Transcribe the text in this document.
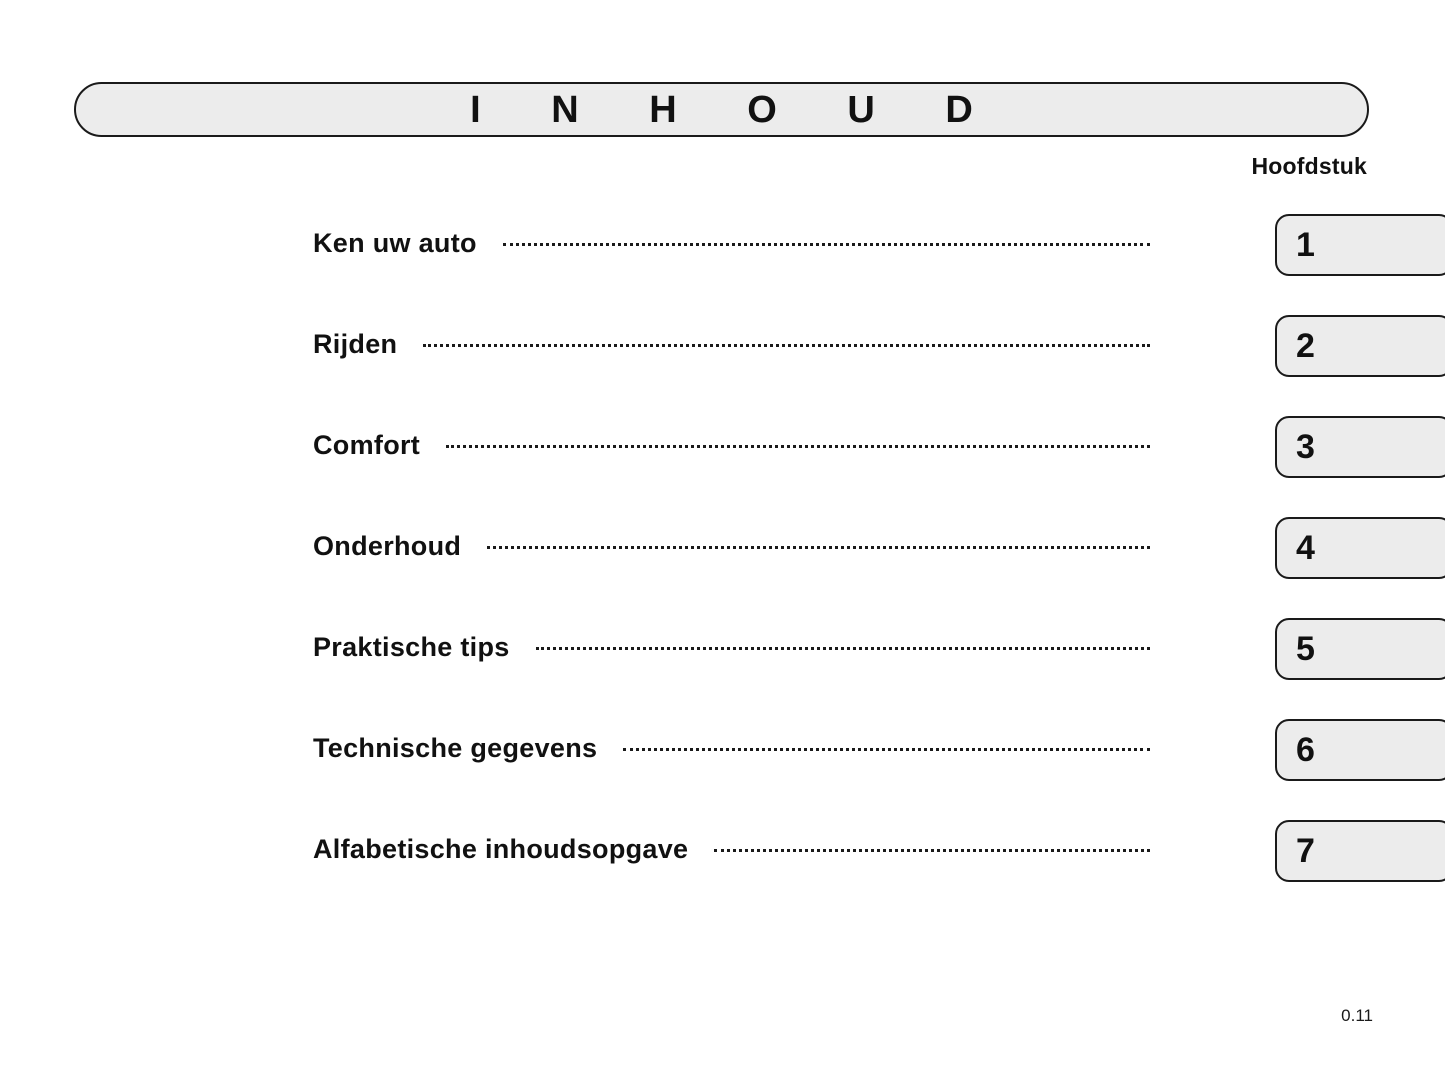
I N H O U D
Hoofdstuk
Ken uw auto	1
Rijden	2
Comfort	3
Onderhoud	4
Praktische tips	5
Technische gegevens	6
Alfabetische inhoudsopgave	7
0.11
